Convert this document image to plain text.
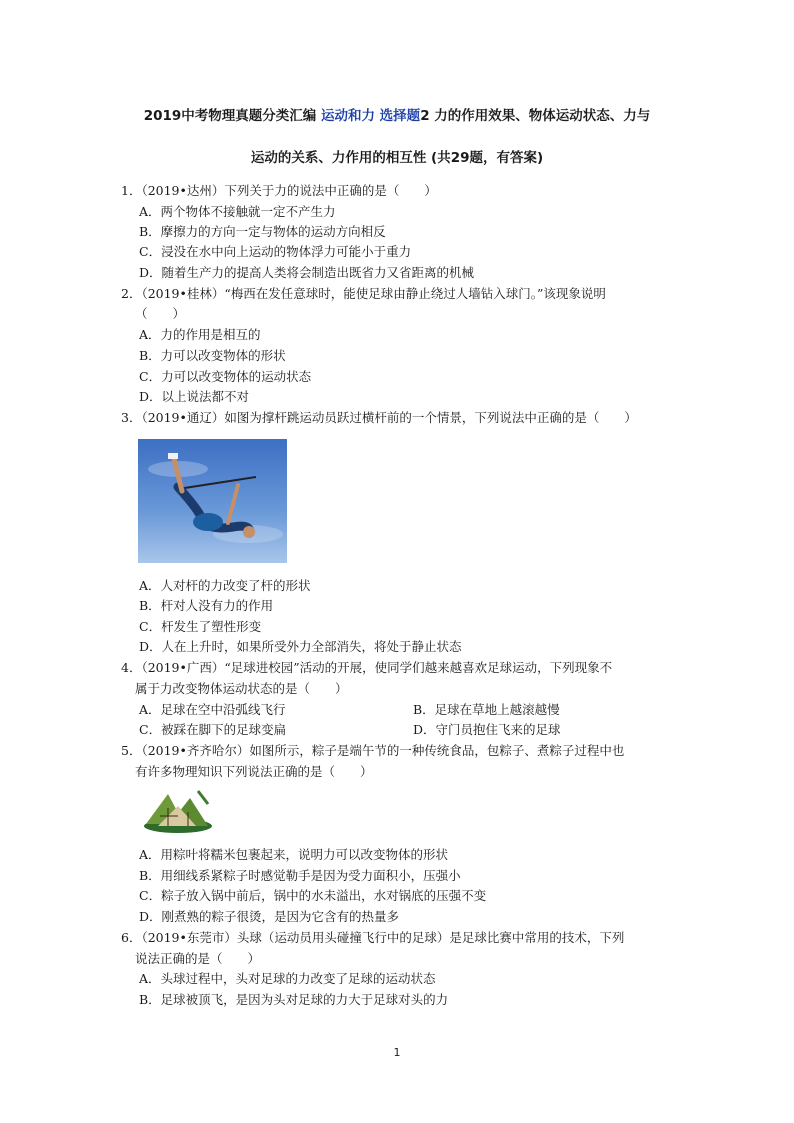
2019中考物理真题分类汇编 运动和力 选择题2 力的作用效果、物体运动状态、力与
运动的关系、力作用的相互性 (共29题，有答案)
1．（2019•达州）下列关于力的说法中正确的是（　　）
A．两个物体不接触就一定不产生力
B．摩擦力的方向一定与物体的运动方向相反
C．浸没在水中向上运动的物体浮力可能小于重力
D．随着生产力的提高人类将会制造出既省力又省距离的机械
2．（2019•桂林）“梅西在发任意球时，能使足球由静止绕过人墙钻入球门。”该现象说明
（　　）
A．力的作用是相互的
B．力可以改变物体的形状
C．力可以改变物体的运动状态
D．以上说法都不对
3．（2019•通辽）如图为撑杆跳运动员跃过横杆前的一个情景，下列说法中正确的是（　　）
A．人对杆的力改变了杆的形状
B．杆对人没有力的作用
C．杆发生了塑性形变
D．人在上升时，如果所受外力全部消失，将处于静止状态
4．（2019•广西）“足球进校园”活动的开展，使同学们越来越喜欢足球运动，下列现象不
属于力改变物体运动状态的是（　　）
A．足球在空中沿弧线飞行	B．足球在草地上越滚越慢
C．被踩在脚下的足球变扁	D．守门员抱住飞来的足球
5．（2019•齐齐哈尔）如图所示，粽子是端午节的一种传统食品，包粽子、煮粽子过程中也
有许多物理知识下列说法正确的是（　　）
A．用粽叶将糯米包裹起来，说明力可以改变物体的形状
B．用细线系紧粽子时感觉勒手是因为受力面积小，压强小
C．粽子放入锅中前后，锅中的水未溢出，水对锅底的压强不变
D．刚煮熟的粽子很烫，是因为它含有的热量多
6．（2019•东莞市）头球（运动员用头碰撞飞行中的足球）是足球比赛中常用的技术，下列
说法正确的是（　　）
A．头球过程中，头对足球的力改变了足球的运动状态
B．足球被顶飞，是因为头对足球的力大于足球对头的力
1
